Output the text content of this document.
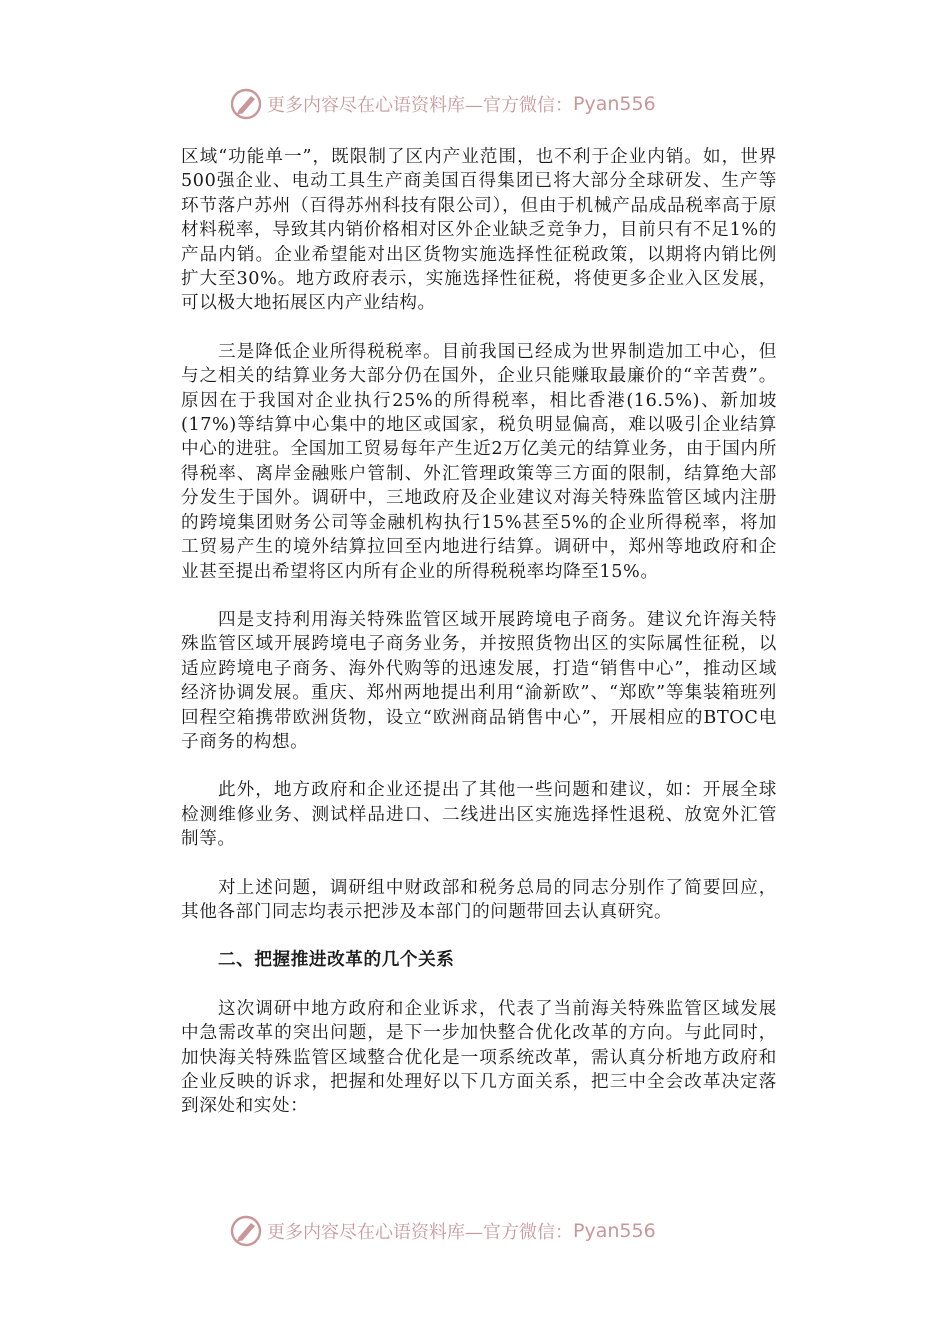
更多内容尽在心语资料库—官方微信： Pyan556

区域“功能单一”，既限制了区内产业范围，也不利于企业内销。如，世界500强企业、电动工具生产商美国百得集团已将大部分全球研发、生产等环节落户苏州（百得苏州科技有限公司），但由于机械产品成品税率高于原材料税率，导致其内销价格相对区外企业缺乏竞争力，目前只有不足1%的产品内销。企业希望能对出区货物实施选择性征税政策，以期将内销比例扩大至30%。地方政府表示，实施选择性征税，将使更多企业入区发展，可以极大地拓展区内产业结构。

三是降低企业所得税税率。目前我国已经成为世界制造加工中心，但与之相关的结算业务大部分仍在国外，企业只能赚取最廉价的“辛苦费”。原因在于我国对企业执行25%的所得税率，相比香港(16.5%)、新加坡(17%)等结算中心集中的地区或国家，税负明显偏高，难以吸引企业结算中心的进驻。全国加工贸易每年产生近2万亿美元的结算业务，由于国内所得税率、离岸金融账户管制、外汇管理政策等三方面的限制，结算绝大部分发生于国外。调研中，三地政府及企业建议对海关特殊监管区域内注册的跨境集团财务公司等金融机构执行15%甚至5%的企业所得税率，将加工贸易产生的境外结算拉回至内地进行结算。调研中，郑州等地政府和企业甚至提出希望将区内所有企业的所得税税率均降至15%。

四是支持利用海关特殊监管区域开展跨境电子商务。建议允许海关特殊监管区域开展跨境电子商务业务，并按照货物出区的实际属性征税，以适应跨境电子商务、海外代购等的迅速发展，打造“销售中心”，推动区域经济协调发展。重庆、郑州两地提出利用“渝新欧”、“郑欧”等集装箱班列回程空箱携带欧洲货物，设立“欧洲商品销售中心”，开展相应的BTOC电子商务的构想。

此外，地方政府和企业还提出了其他一些问题和建议，如：开展全球检测维修业务、测试样品进口、二线进出区实施选择性退税、放宽外汇管制等。

对上述问题，调研组中财政部和税务总局的同志分别作了简要回应，其他各部门同志均表示把涉及本部门的问题带回去认真研究。

二、把握推进改革的几个关系

这次调研中地方政府和企业诉求，代表了当前海关特殊监管区域发展中急需改革的突出问题，是下一步加快整合优化改革的方向。与此同时，加快海关特殊监管区域整合优化是一项系统改革，需认真分析地方政府和企业反映的诉求，把握和处理好以下几方面关系，把三中全会改革决定落到深处和实处：

更多内容尽在心语资料库—官方微信： Pyan556
